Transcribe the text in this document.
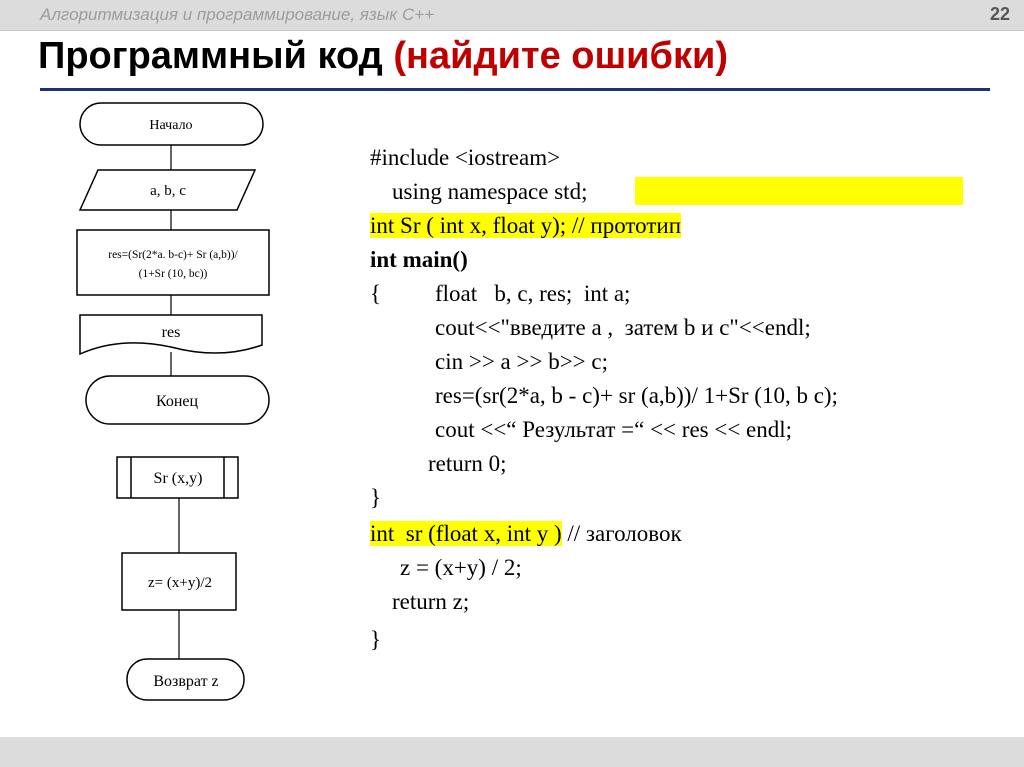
Алгоритмизация и программирование, язык С++	22
Программный код (найдите ошибки)
Начало
a, b, c
res=(Sr(2*a. b-c)+ Sr (a,b))/
(1+Sr (10, bc))
res
Конец
Sr (x,y)
z= (x+y)/2
Возврат z
#include <iostream>
using namespace std;
int Sr ( int x, float y); // прототип
int main()
{ float   b, c, res;  int a;
cout<<"введите а ,  затем b и c"<<endl;
cin >> a >> b>> c;
res=(sr(2*a, b - c)+ sr (a,b))/ 1+Sr (10, b c);
cout <<“ Результат =“ << res << endl;
return 0;
}
int  sr (float x, int y ) // заголовок
z = (x+y) / 2;
return z;
}
